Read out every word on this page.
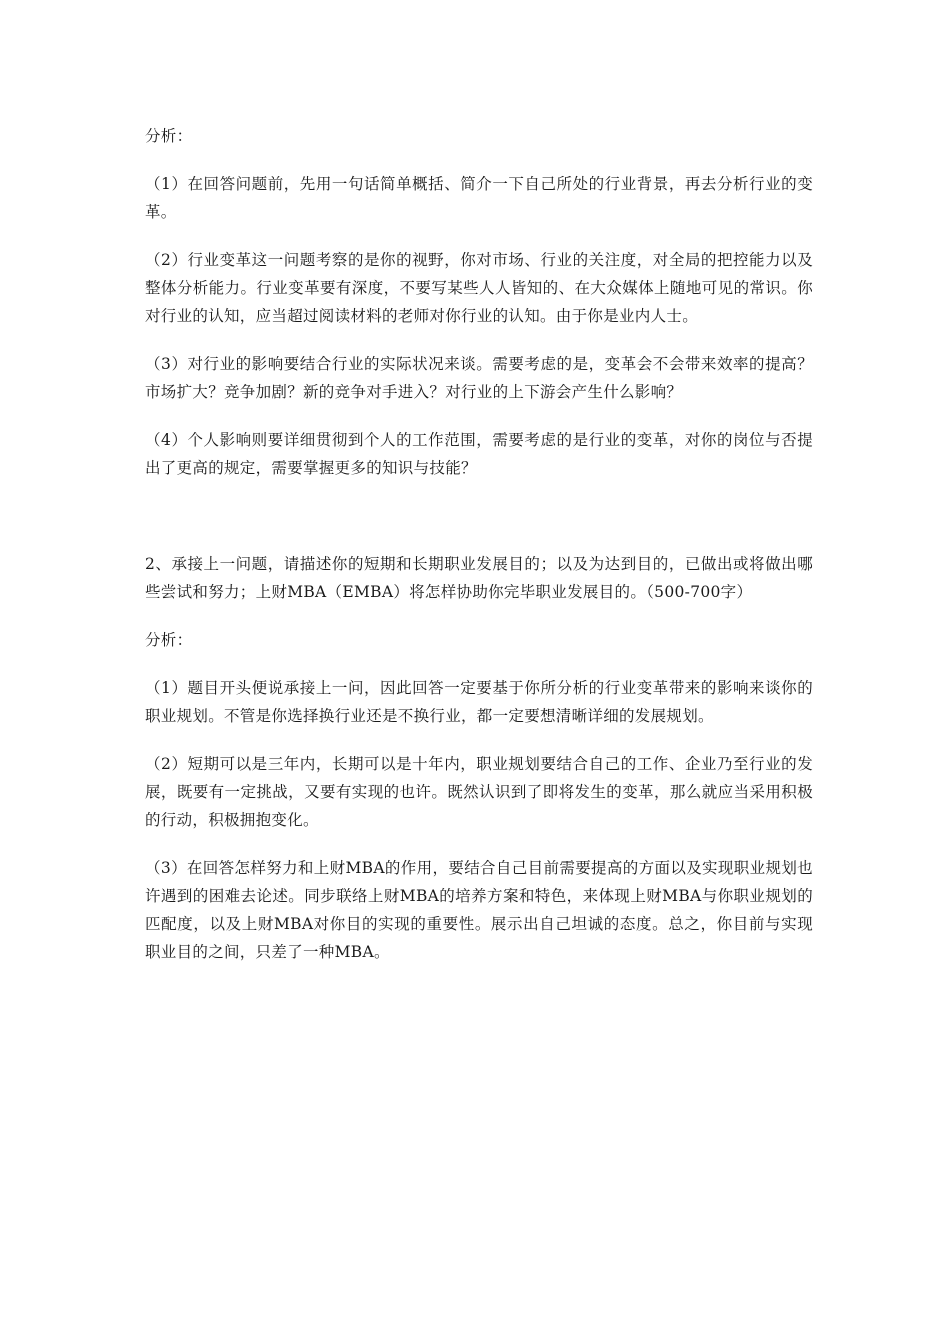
分析：

（1）在回答问题前，先用一句话简单概括、简介一下自己所处的行业背景，再去分析行业的变革。

（2）行业变革这一问题考察的是你的视野，你对市场、行业的关注度，对全局的把控能力以及整体分析能力。行业变革要有深度，不要写某些人人皆知的、在大众媒体上随地可见的常识。你对行业的认知，应当超过阅读材料的老师对你行业的认知。由于你是业内人士。

（3）对行业的影响要结合行业的实际状况来谈。需要考虑的是，变革会不会带来效率的提高？市场扩大？竞争加剧？新的竞争对手进入？对行业的上下游会产生什么影响？

（4）个人影响则要详细贯彻到个人的工作范围，需要考虑的是行业的变革，对你的岗位与否提出了更高的规定，需要掌握更多的知识与技能？

2、承接上一问题，请描述你的短期和长期职业发展目的；以及为达到目的，已做出或将做出哪些尝试和努力；上财MBA（EMBA）将怎样协助你完毕职业发展目的。（500-700字）

分析：

（1）题目开头便说承接上一问，因此回答一定要基于你所分析的行业变革带来的影响来谈你的职业规划。不管是你选择换行业还是不换行业，都一定要想清晰详细的发展规划。

（2）短期可以是三年内，长期可以是十年内，职业规划要结合自己的工作、企业乃至行业的发展，既要有一定挑战，又要有实现的也许。既然认识到了即将发生的变革，那么就应当采用积极的行动，积极拥抱变化。

（3）在回答怎样努力和上财MBA的作用，要结合自己目前需要提高的方面以及实现职业规划也许遇到的困难去论述。同步联络上财MBA的培养方案和特色，来体现上财MBA与你职业规划的匹配度，以及上财MBA对你目的实现的重要性。展示出自己坦诚的态度。总之，你目前与实现职业目的之间，只差了一种MBA。
